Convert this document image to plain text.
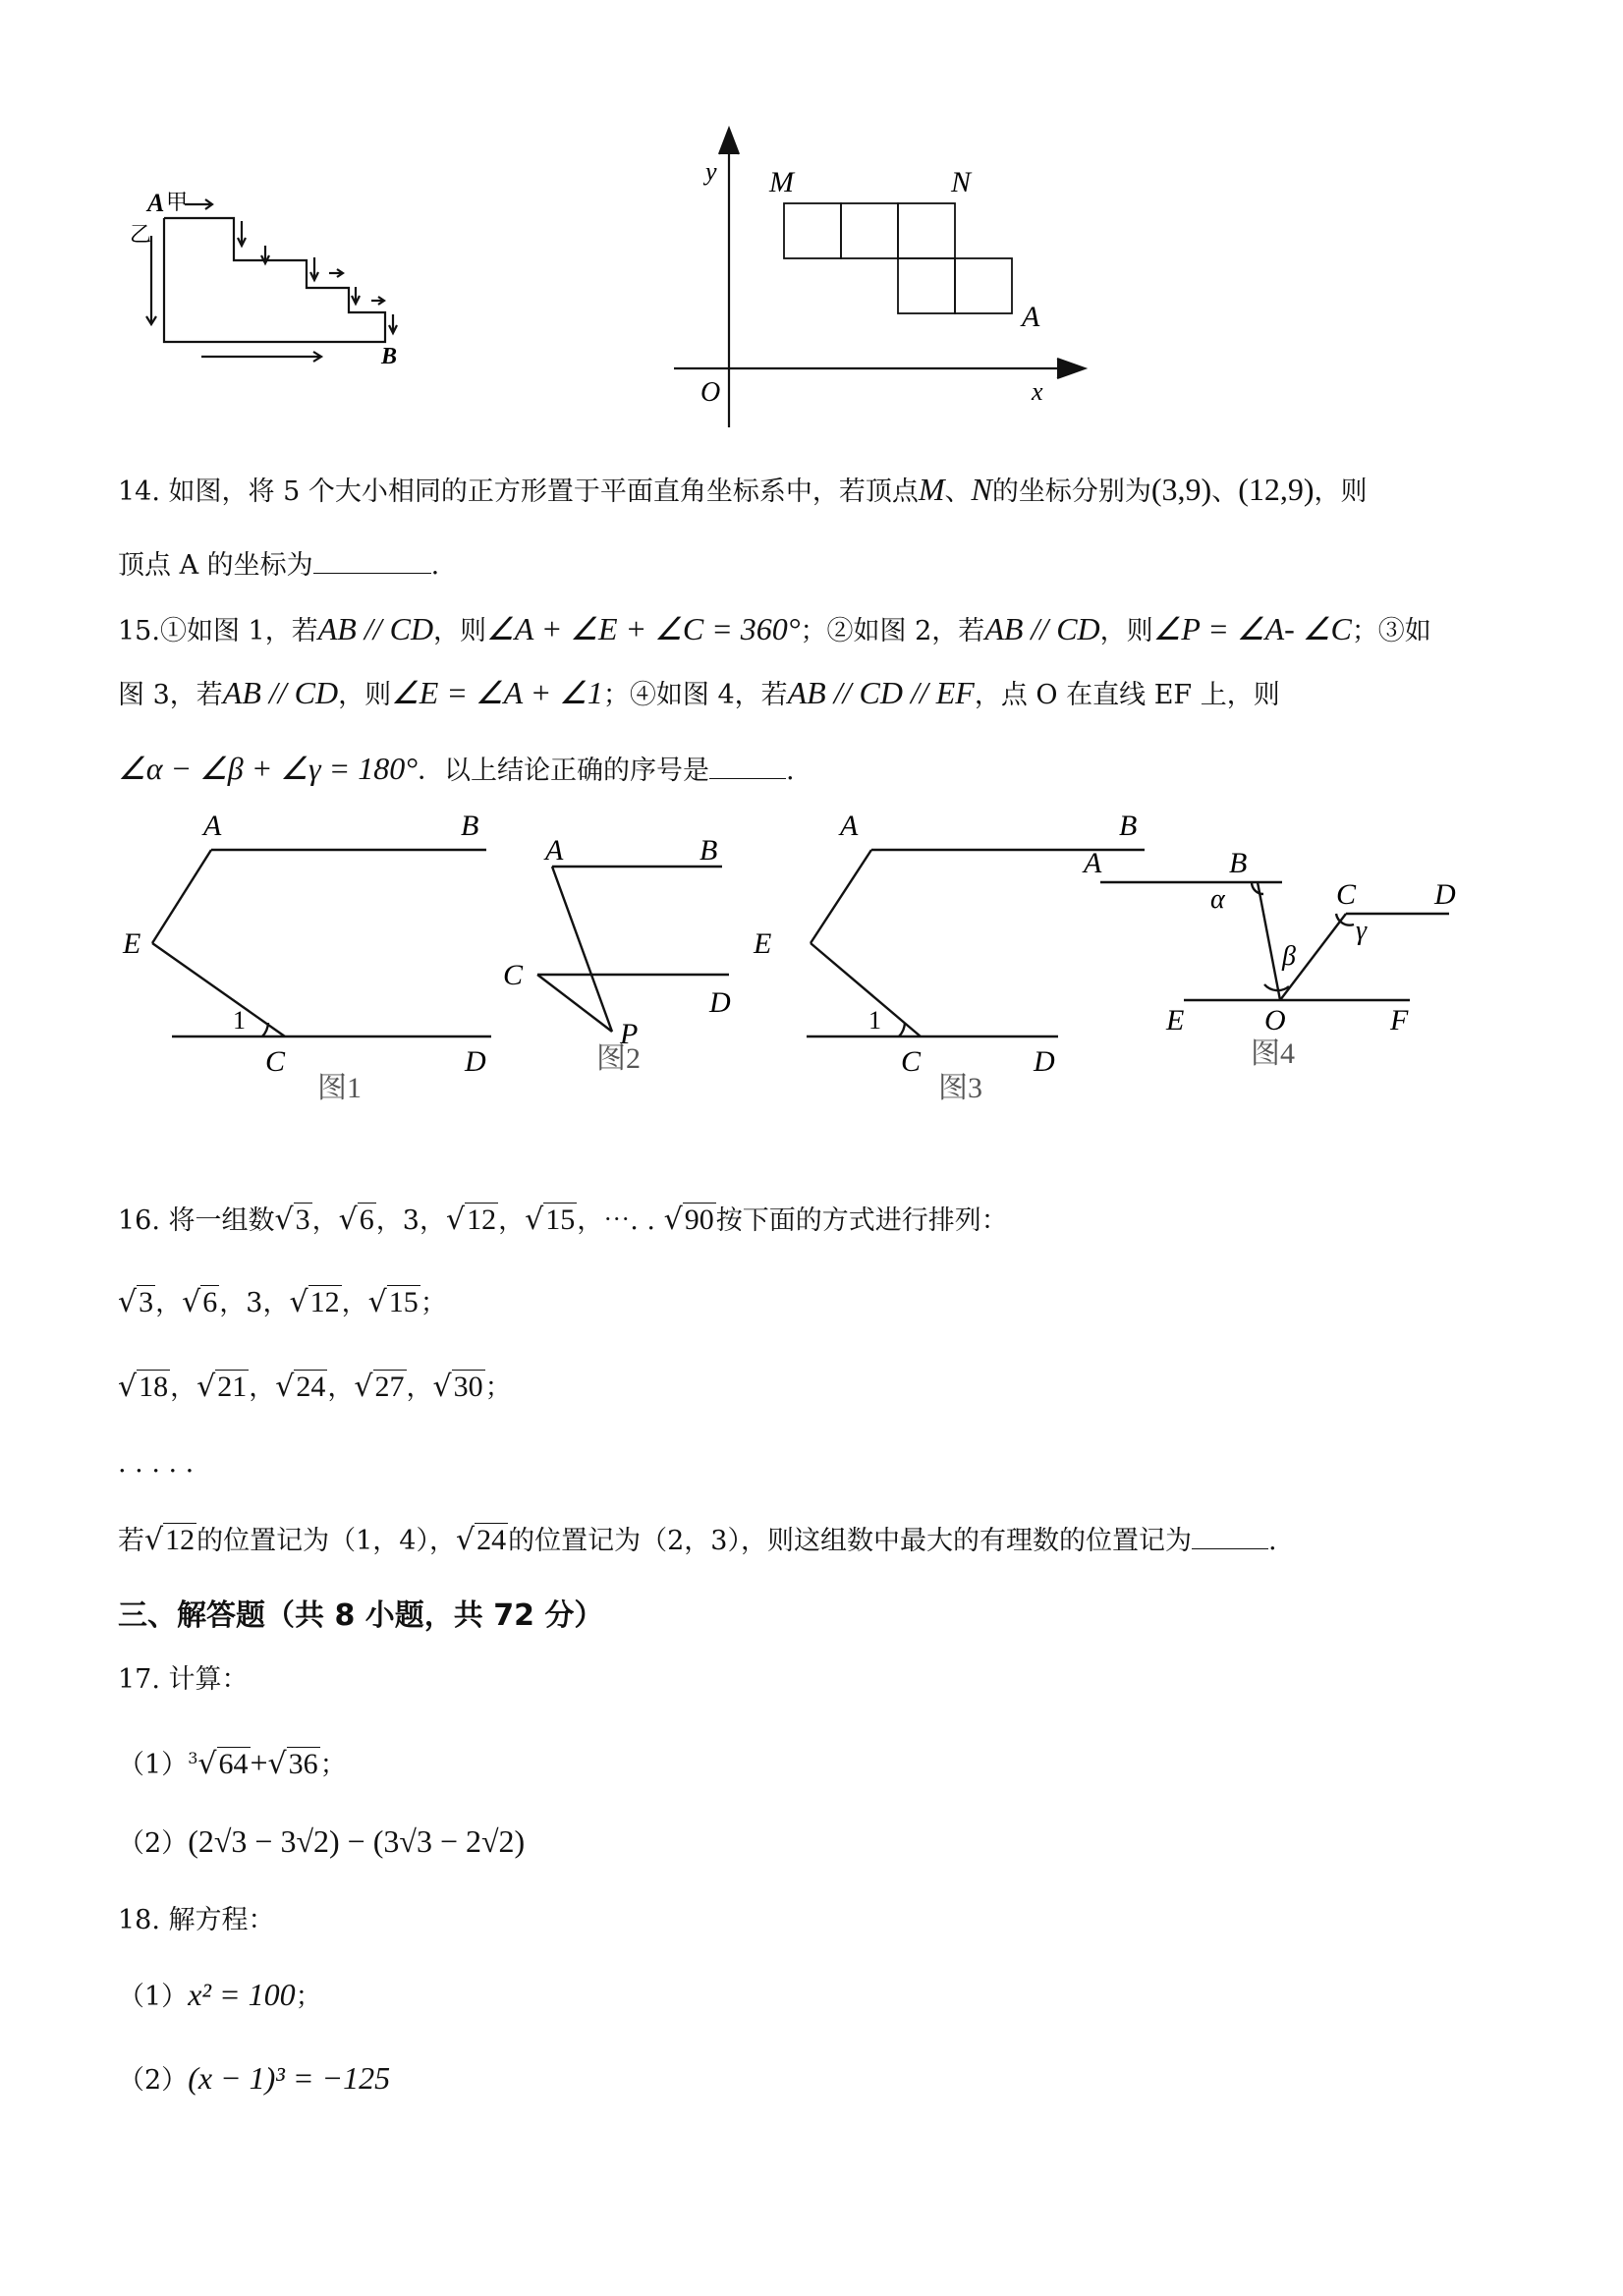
A 甲
乙
B
y
x
O
M	N
A
14. 如图，将 5 个大小相同的正方形置于平面直角坐标系中，若顶点M、N的坐标分别为(3,9)、(12,9)，则
顶点 A 的坐标为	.
15.①如图 1，若AB // CD，则∠A + ∠E + ∠C = 360°；②如图 2，若AB // CD，则∠P = ∠A- ∠C；③如
图 3，若AB // CD，则∠E = ∠A + ∠1；④如图 4，若AB // CD // EF，点 O 在直线 EF 上，则
∠α − ∠β + ∠γ = 180°．以上结论正确的序号是	.
A	B
E
1
C	D
A	B
C
D
P
A	B
E
1
C	D
A	B
α	C
γ
D
β
E	O	F
图1
图2
图3
图4
16. 将一组数√3，√6，3，√12，√15，⋯. . √90按下面的方式进行排列：
√3，√6，3，√12，√15；
√18，√21，√24，√27，√30；
. . . . .
若√12的位置记为（1，4），√24的位置记为（2，3），则这组数中最大的有理数的位置记为	.
三、解答题（共 8 小题，共 72 分）
17. 计算：
$(1)^3√64+√36$；
（2）(2√3 − 3√2) − (3√3 − 2√2)
18. 解方程：
（1）x² = 100；
（2）(x − 1)³ = −125
